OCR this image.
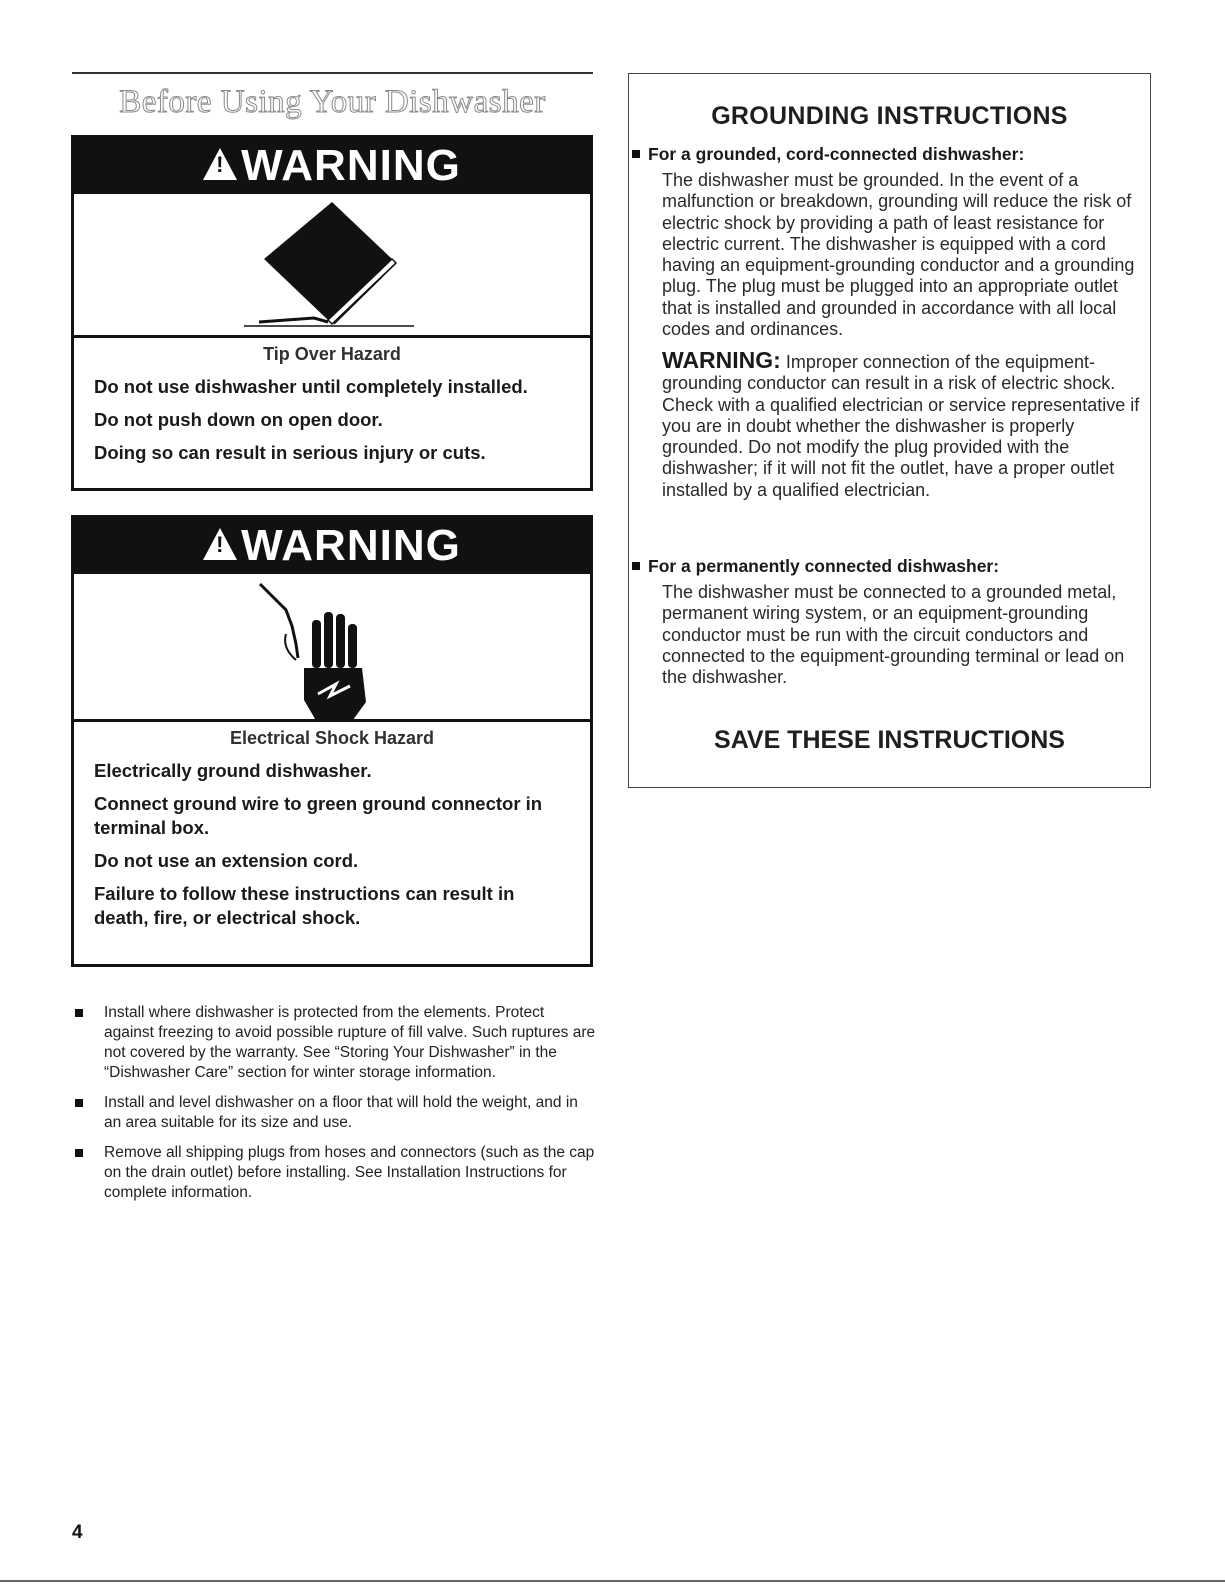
Before Using Your Dishwasher
!
WARNING
Tip Over Hazard
Do not use dishwasher until completely installed.
Do not push down on open door.
Doing so can result in serious injury or cuts.
!
WARNING
Electrical Shock Hazard
Electrically ground dishwasher.
Connect ground wire to green ground connector in terminal box.
Do not use an extension cord.
Failure to follow these instructions can result in death, fire, or electrical shock.
Install where dishwasher is protected from the elements. Protect against freezing to avoid possible rupture of fill valve. Such ruptures are not covered by the warranty. See “Storing Your Dishwasher” in the “Dishwasher Care” section for winter storage information.
Install and level dishwasher on a floor that will hold the weight, and in an area suitable for its size and use.
Remove all shipping plugs from hoses and connectors (such as the cap on the drain outlet) before installing. See Installation Instructions for complete information.
GROUNDING INSTRUCTIONS
For a grounded, cord-connected dishwasher:
The dishwasher must be grounded. In the event of a malfunction or breakdown, grounding will reduce the risk of electric shock by providing a path of least resistance for electric current. The dishwasher is equipped with a cord having an equipment-grounding conductor and a grounding plug. The plug must be plugged into an appropriate outlet that is installed and grounded in accordance with all local codes and ordinances.
WARNING: Improper connection of the equipment-grounding conductor can result in a risk of electric shock. Check with a qualified electrician or service representative if you are in doubt whether the dishwasher is properly grounded. Do not modify the plug provided with the dishwasher; if it will not fit the outlet, have a proper outlet installed by a qualified electrician.
For a permanently connected dishwasher:
The dishwasher must be connected to a grounded metal, permanent wiring system, or an equipment-grounding conductor must be run with the circuit conductors and connected to the equipment-grounding terminal or lead on the dishwasher.
SAVE THESE INSTRUCTIONS
4
